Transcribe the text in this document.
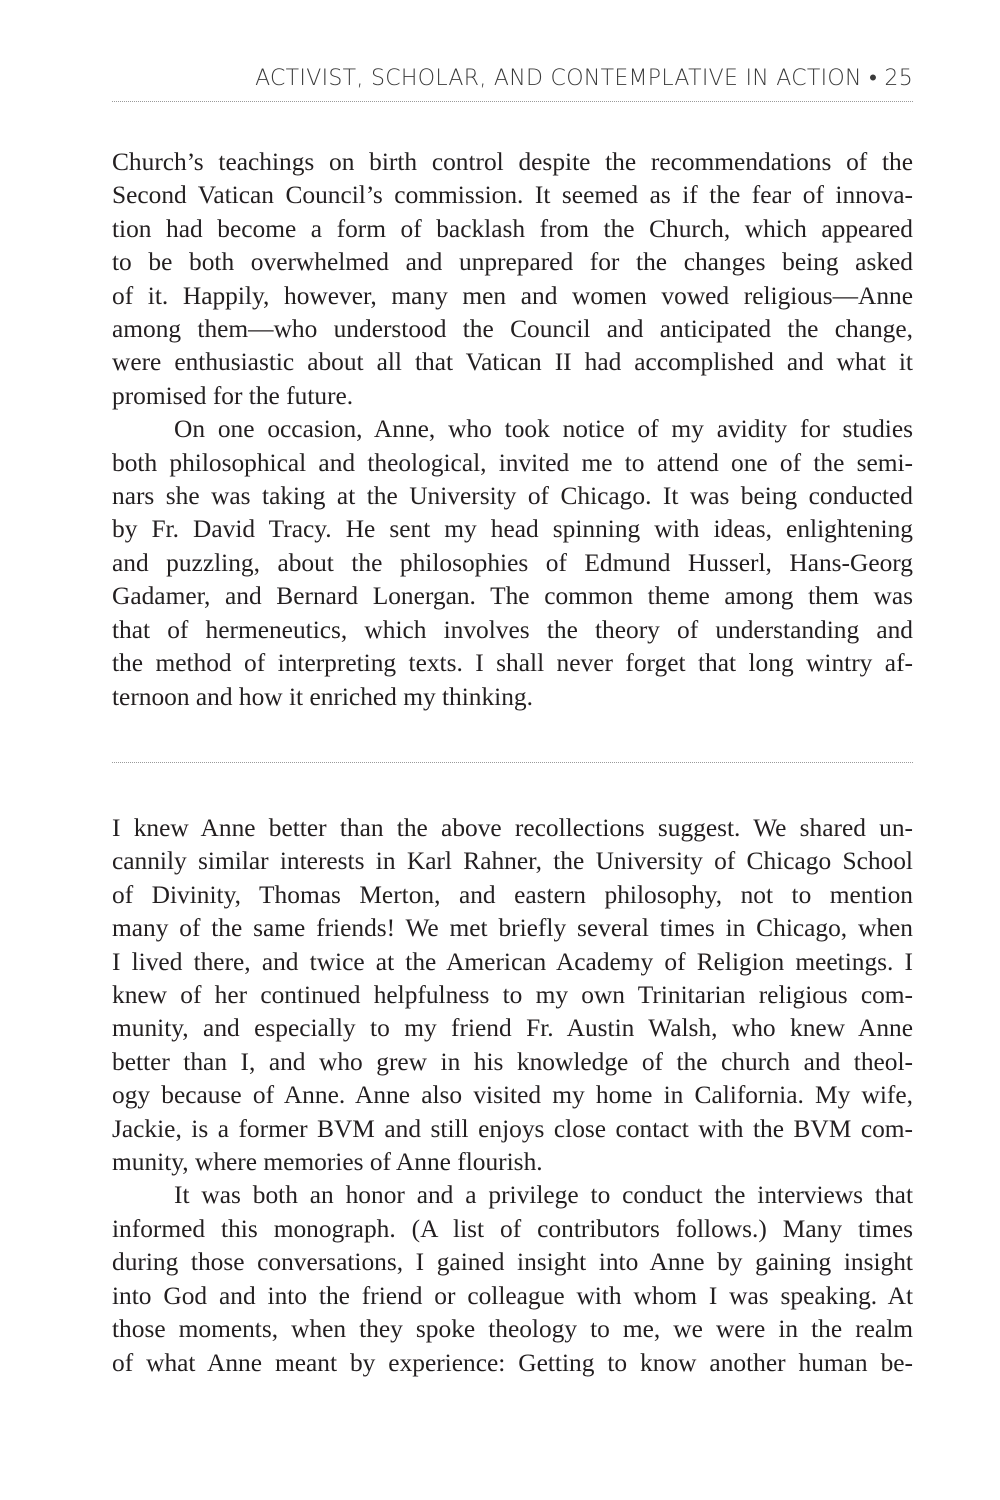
ACTIVIST, SCHOLAR, AND CONTEMPLATIVE IN ACTION • 25

Church’s teachings on birth control despite the recommendations of the
Second Vatican Council’s commission. It seemed as if the fear of innova-
tion had become a form of backlash from the Church, which appeared
to be both overwhelmed and unprepared for the changes being asked
of it. Happily, however, many men and women vowed religious—Anne
among them—who understood the Council and anticipated the change,
were enthusiastic about all that Vatican II had accomplished and what it
promised for the future.

On one occasion, Anne, who took notice of my avidity for studies
both philosophical and theological, invited me to attend one of the semi-
nars she was taking at the University of Chicago. It was being conducted
by Fr. David Tracy. He sent my head spinning with ideas, enlightening
and puzzling, about the philosophies of Edmund Husserl, Hans-Georg
Gadamer, and Bernard Lonergan. The common theme among them was
that of hermeneutics, which involves the theory of understanding and
the method of interpreting texts. I shall never forget that long wintry af-
ternoon and how it enriched my thinking.

I knew Anne better than the above recollections suggest. We shared un-
cannily similar interests in Karl Rahner, the University of Chicago School
of Divinity, Thomas Merton, and eastern philosophy, not to mention
many of the same friends! We met briefly several times in Chicago, when
I lived there, and twice at the American Academy of Religion meetings. I
knew of her continued helpfulness to my own Trinitarian religious com-
munity, and especially to my friend Fr. Austin Walsh, who knew Anne
better than I, and who grew in his knowledge of the church and theol-
ogy because of Anne. Anne also visited my home in California. My wife,
Jackie, is a former BVM and still enjoys close contact with the BVM com-
munity, where memories of Anne flourish.

It was both an honor and a privilege to conduct the interviews that
informed this monograph. (A list of contributors follows.) Many times
during those conversations, I gained insight into Anne by gaining insight
into God and into the friend or colleague with whom I was speaking. At
those moments, when they spoke theology to me, we were in the realm
of what Anne meant by experience: Getting to know another human be-
